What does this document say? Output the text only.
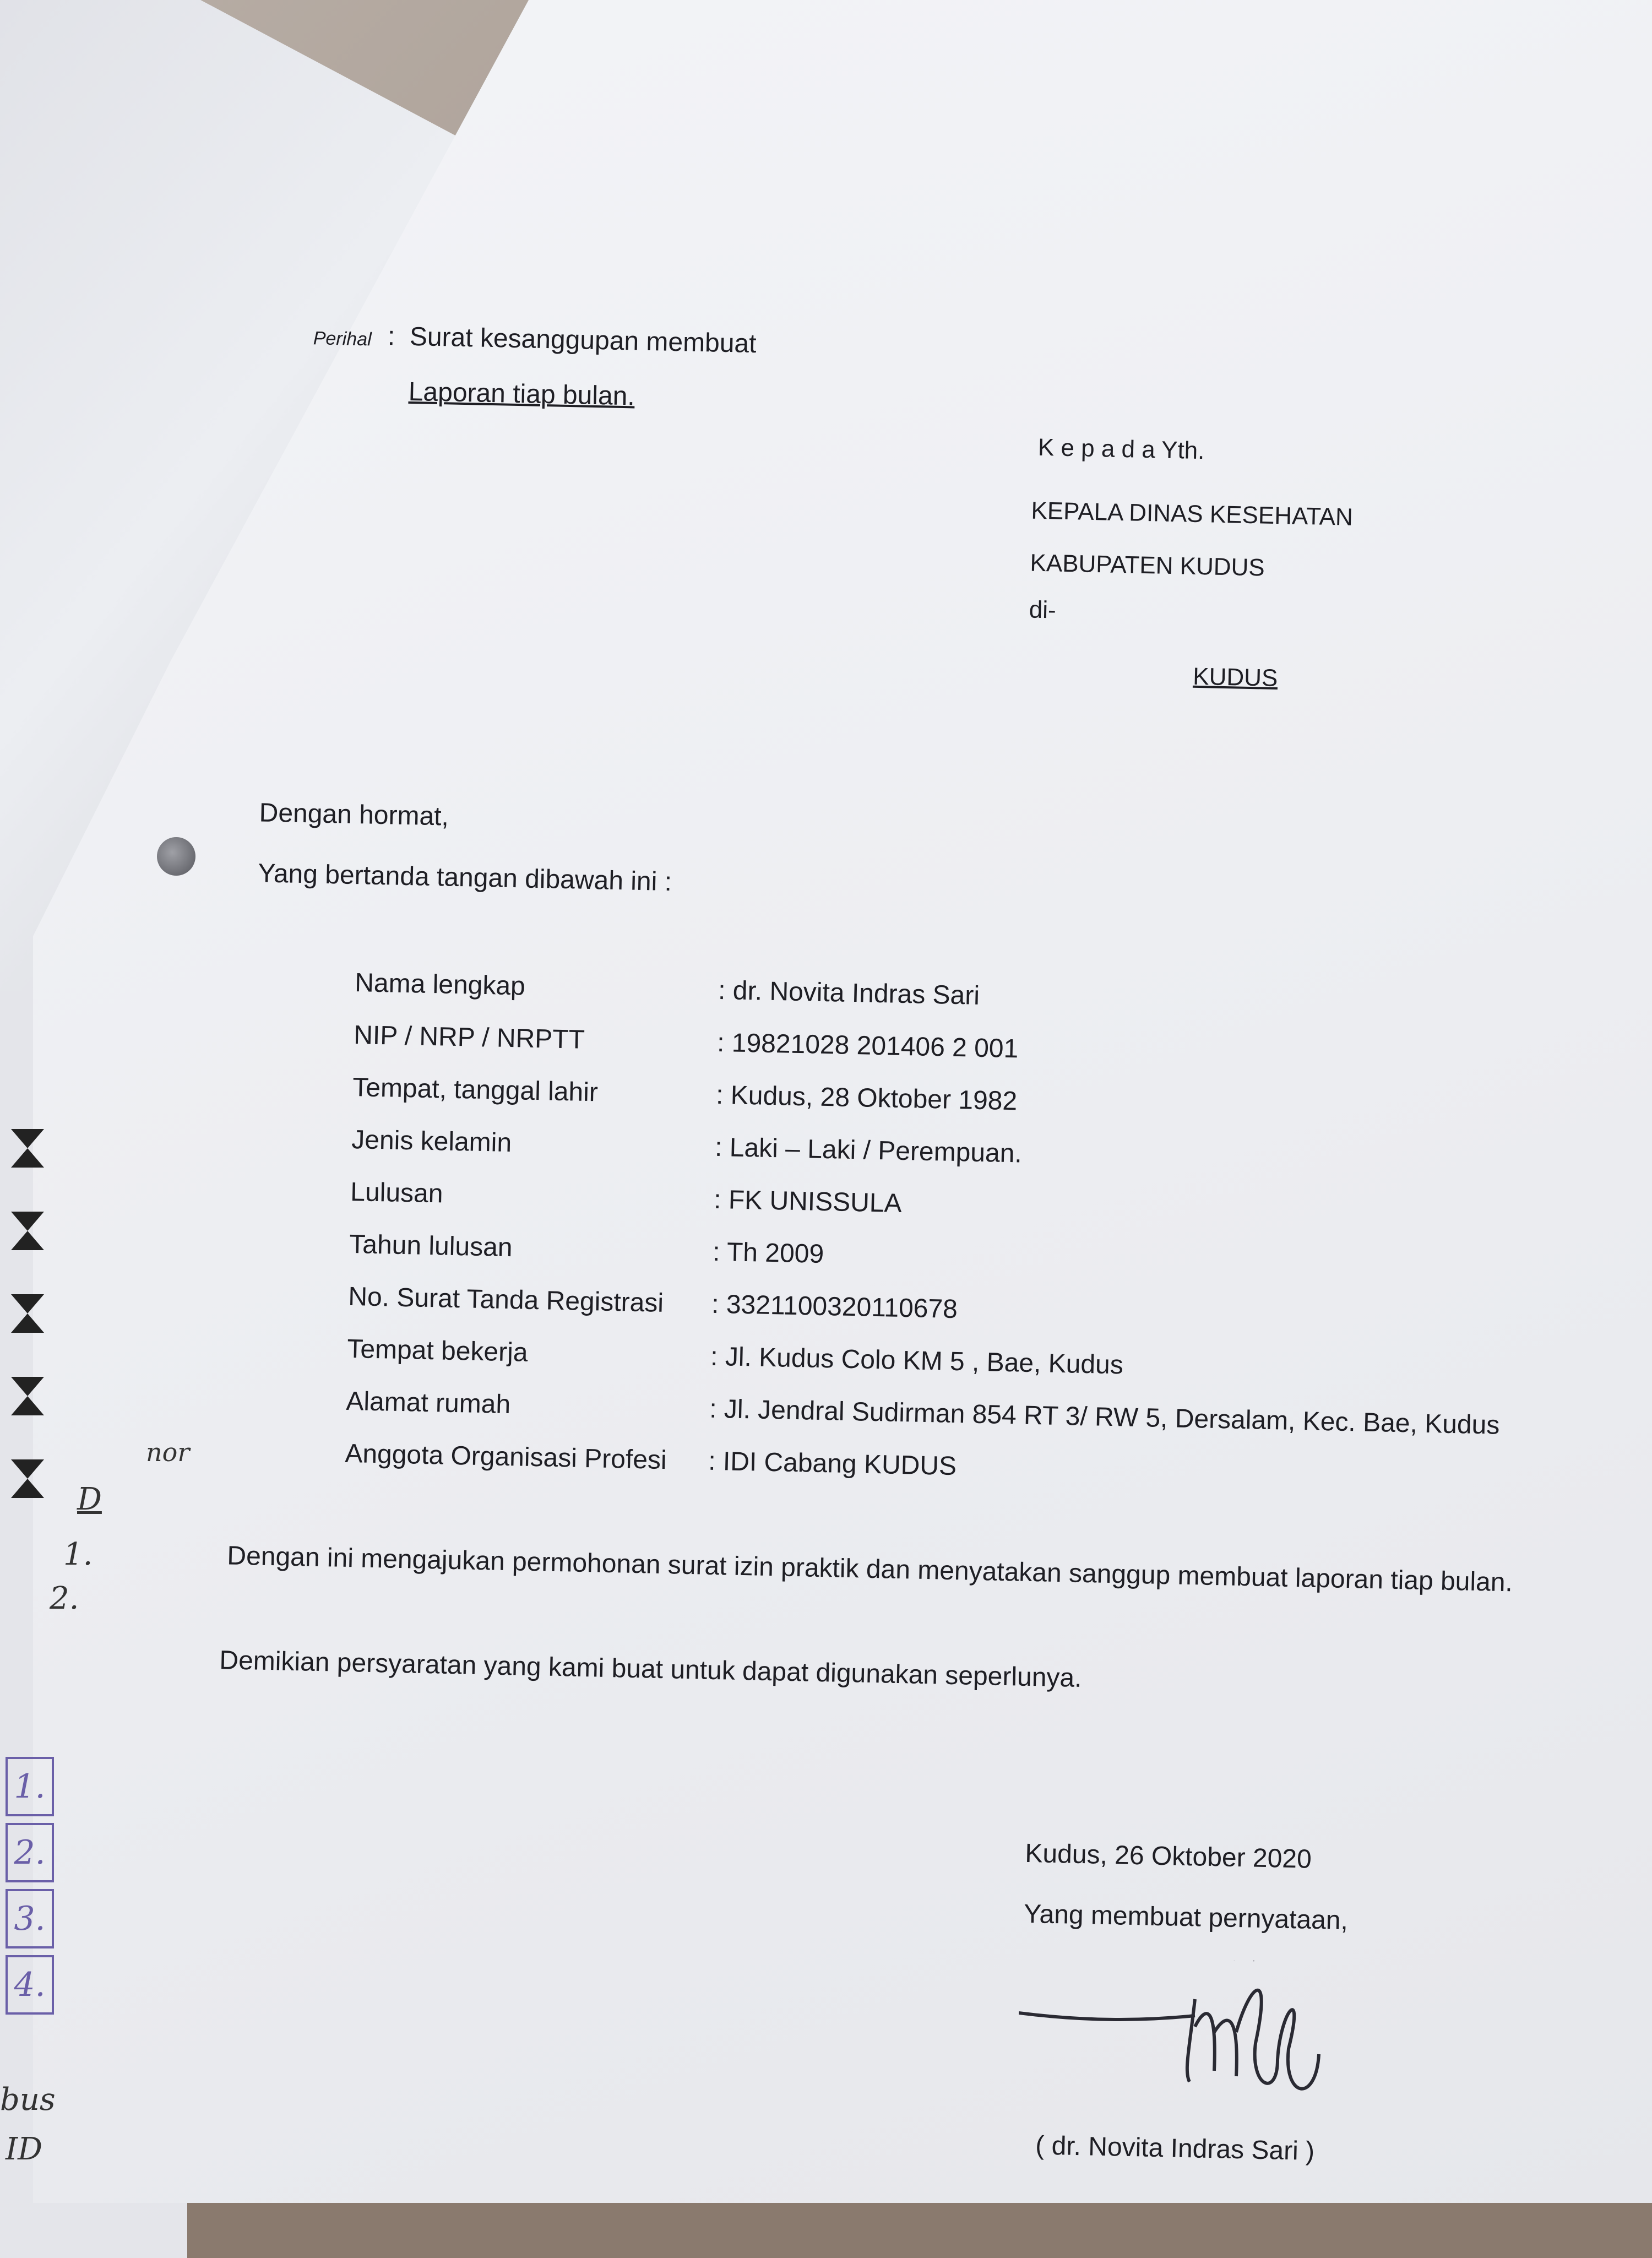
nor
D
1.
2.
1.
2.
3.
4.
bus
ID
Perihal : Surat kesanggupan membuat
Laporan tiap bulan.
K e p a d a Yth.
KEPALA DINAS KESEHATAN
KABUPATEN KUDUS
di-
KUDUS
Dengan hormat,
Yang bertanda tangan dibawah ini :
Nama lengkap	: dr. Novita Indras Sari
NIP / NRP / NRPTT	: 19821028 201406 2 001
Tempat, tanggal lahir	: Kudus, 28 Oktober 1982
Jenis kelamin	: Laki – Laki / Perempuan.
Lulusan	: FK UNISSULA
Tahun lulusan	: Th 2009
No. Surat Tanda Registrasi : 3321100320110678
Tempat bekerja	: Jl. Kudus Colo KM 5 , Bae, Kudus
Alamat rumah	: Jl. Jendral Sudirman 854 RT 3/ RW 5, Dersalam, Kec. Bae, Kudus
Anggota Organisasi Profesi : IDI Cabang KUDUS
Dengan ini mengajukan permohonan surat izin praktik dan menyatakan sanggup membuat laporan tiap bulan.
Demikian persyaratan yang kami buat untuk dapat digunakan seperlunya.
Kudus, 26 Oktober 2020
Yang membuat pernyataan,
( dr. Novita Indras Sari )
